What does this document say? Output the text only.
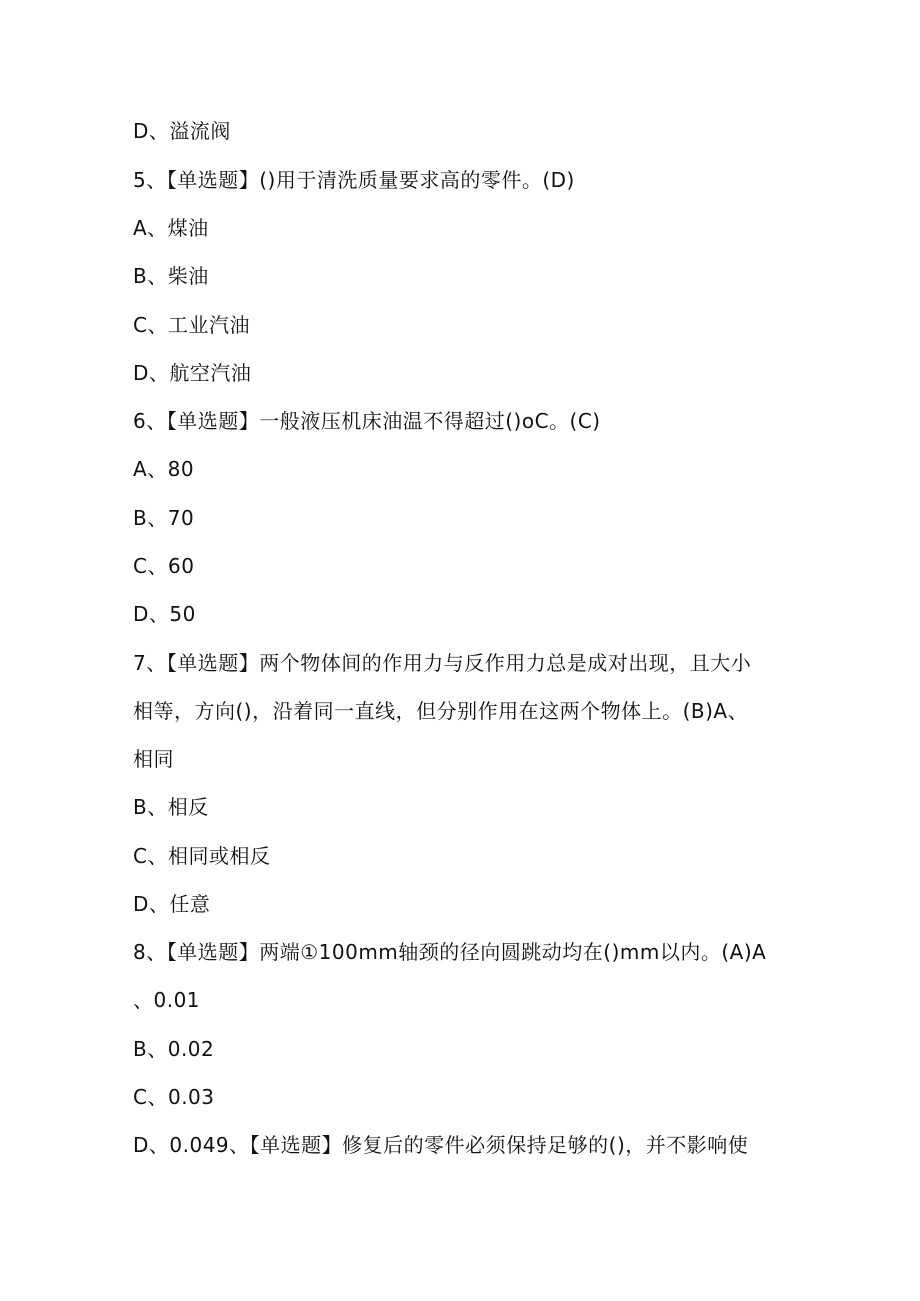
D、溢流阀
5、【单选题】()用于清洗质量要求高的零件。(D)
A、煤油
B、柴油
C、工业汽油
D、航空汽油
6、【单选题】一般液压机床油温不得超过()oC。(C)
A、80
B、70
C、60
D、50
7、【单选题】两个物体间的作用力与反作用力总是成对出现，且大小
相等，方向()，沿着同一直线，但分别作用在这两个物体上。(B)A、
相同
B、相反
C、相同或相反
D、任意
8、【单选题】两端①100mm轴颈的径向圆跳动均在()mm以内。(A)A
、0.01
B、0.02
C、0.03
D、0.049、【单选题】修复后的零件必须保持足够的()，并不影响使
